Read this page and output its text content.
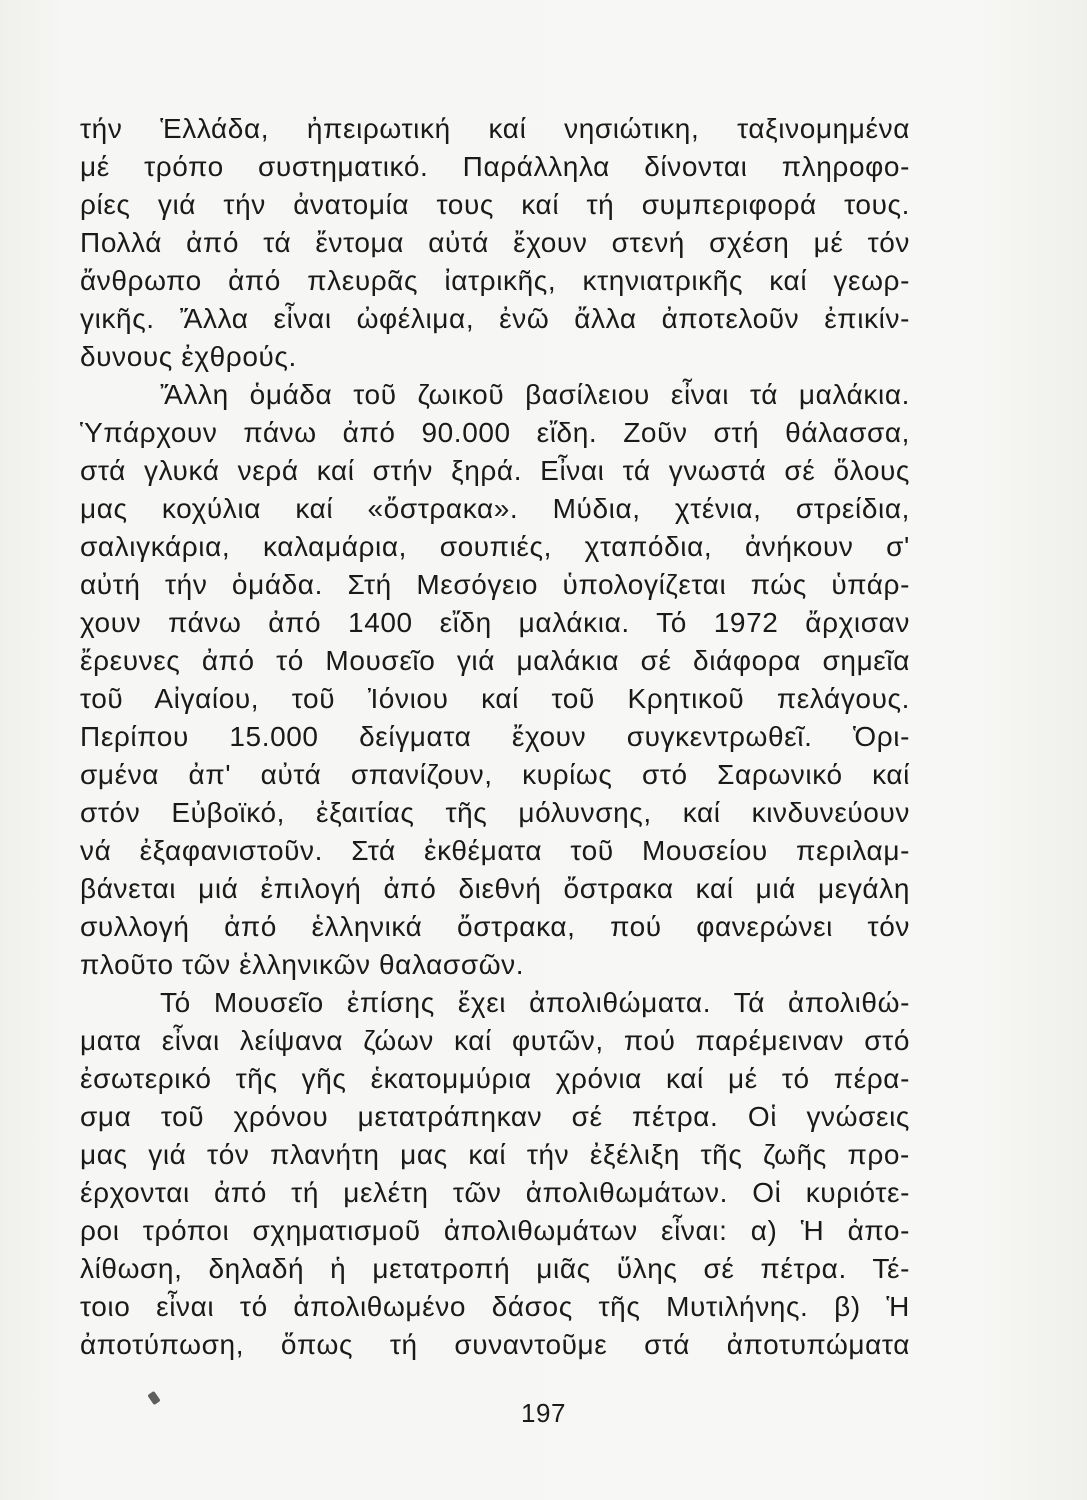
τήν Ἑλλάδα, ἠπειρωτική καί νησιώτικη, ταξινομημένα
μέ τρόπο συστηματικό. Παράλληλα δίνονται πληροφο-
ρίες γιά τήν ἀνατομία τους καί τή συμπεριφορά τους.
Πολλά ἀπό τά ἔντομα αὐτά ἔχουν στενή σχέση μέ τόν
ἄνθρωπο ἀπό πλευρᾶς ἰατρικῆς, κτηνιατρικῆς καί γεωρ-
γικῆς. Ἄλλα εἶναι ὠφέλιμα, ἐνῶ ἄλλα ἀποτελοῦν ἐπικίν-
δυνους ἐχθρούς.
Ἄλλη ὁμάδα τοῦ ζωικοῦ βασίλειου εἶναι τά μαλάκια.
Ὑπάρχουν πάνω ἀπό 90.000 εἴδη. Ζοῦν στή θάλασσα,
στά γλυκά νερά καί στήν ξηρά. Εἶναι τά γνωστά σέ ὅλους
μας κοχύλια καί «ὄστρακα». Μύδια, χτένια, στρείδια,
σαλιγκάρια, καλαμάρια, σουπιές, χταπόδια, ἀνήκουν σ'
αὐτή τήν ὁμάδα. Στή Μεσόγειο ὑπολογίζεται πώς ὑπάρ-
χουν πάνω ἀπό 1400 εἴδη μαλάκια. Τό 1972 ἄρχισαν
ἔρευνες ἀπό τό Μουσεῖο γιά μαλάκια σέ διάφορα σημεῖα
τοῦ Αἰγαίου, τοῦ Ἰόνιου καί τοῦ Κρητικοῦ πελάγους.
Περίπου 15.000 δείγματα ἔχουν συγκεντρωθεῖ. Ὁρι-
σμένα ἀπ' αὐτά σπανίζουν, κυρίως στό Σαρωνικό καί
στόν Εὐβοϊκό, ἐξαιτίας τῆς μόλυνσης, καί κινδυνεύουν
νά ἐξαφανιστοῦν. Στά ἐκθέματα τοῦ Μουσείου περιλαμ-
βάνεται μιά ἐπιλογή ἀπό διεθνή ὄστρακα καί μιά μεγάλη
συλλογή ἀπό ἑλληνικά ὄστρακα, πού φανερώνει τόν
πλοῦτο τῶν ἑλληνικῶν θαλασσῶν.
Τό Μουσεῖο ἐπίσης ἔχει ἀπολιθώματα. Τά ἀπολιθώ-
ματα εἶναι λείψανα ζώων καί φυτῶν, πού παρέμειναν στό
ἐσωτερικό τῆς γῆς ἑκατομμύρια χρόνια καί μέ τό πέρα-
σμα τοῦ χρόνου μετατράπηκαν σέ πέτρα. Οἱ γνώσεις
μας γιά τόν πλανήτη μας καί τήν ἐξέλιξη τῆς ζωῆς προ-
έρχονται ἀπό τή μελέτη τῶν ἀπολιθωμάτων. Οἱ κυριότε-
ροι τρόποι σχηματισμοῦ ἀπολιθωμάτων εἶναι: α) Ἡ ἀπο-
λίθωση, δηλαδή ἡ μετατροπή μιᾶς ὕλης σέ πέτρα. Τέ-
τοιο εἶναι τό ἀπολιθωμένο δάσος τῆς Μυτιλήνης. β) Ἡ
ἀποτύπωση, ὅπως τή συναντοῦμε στά ἀποτυπώματα
197
